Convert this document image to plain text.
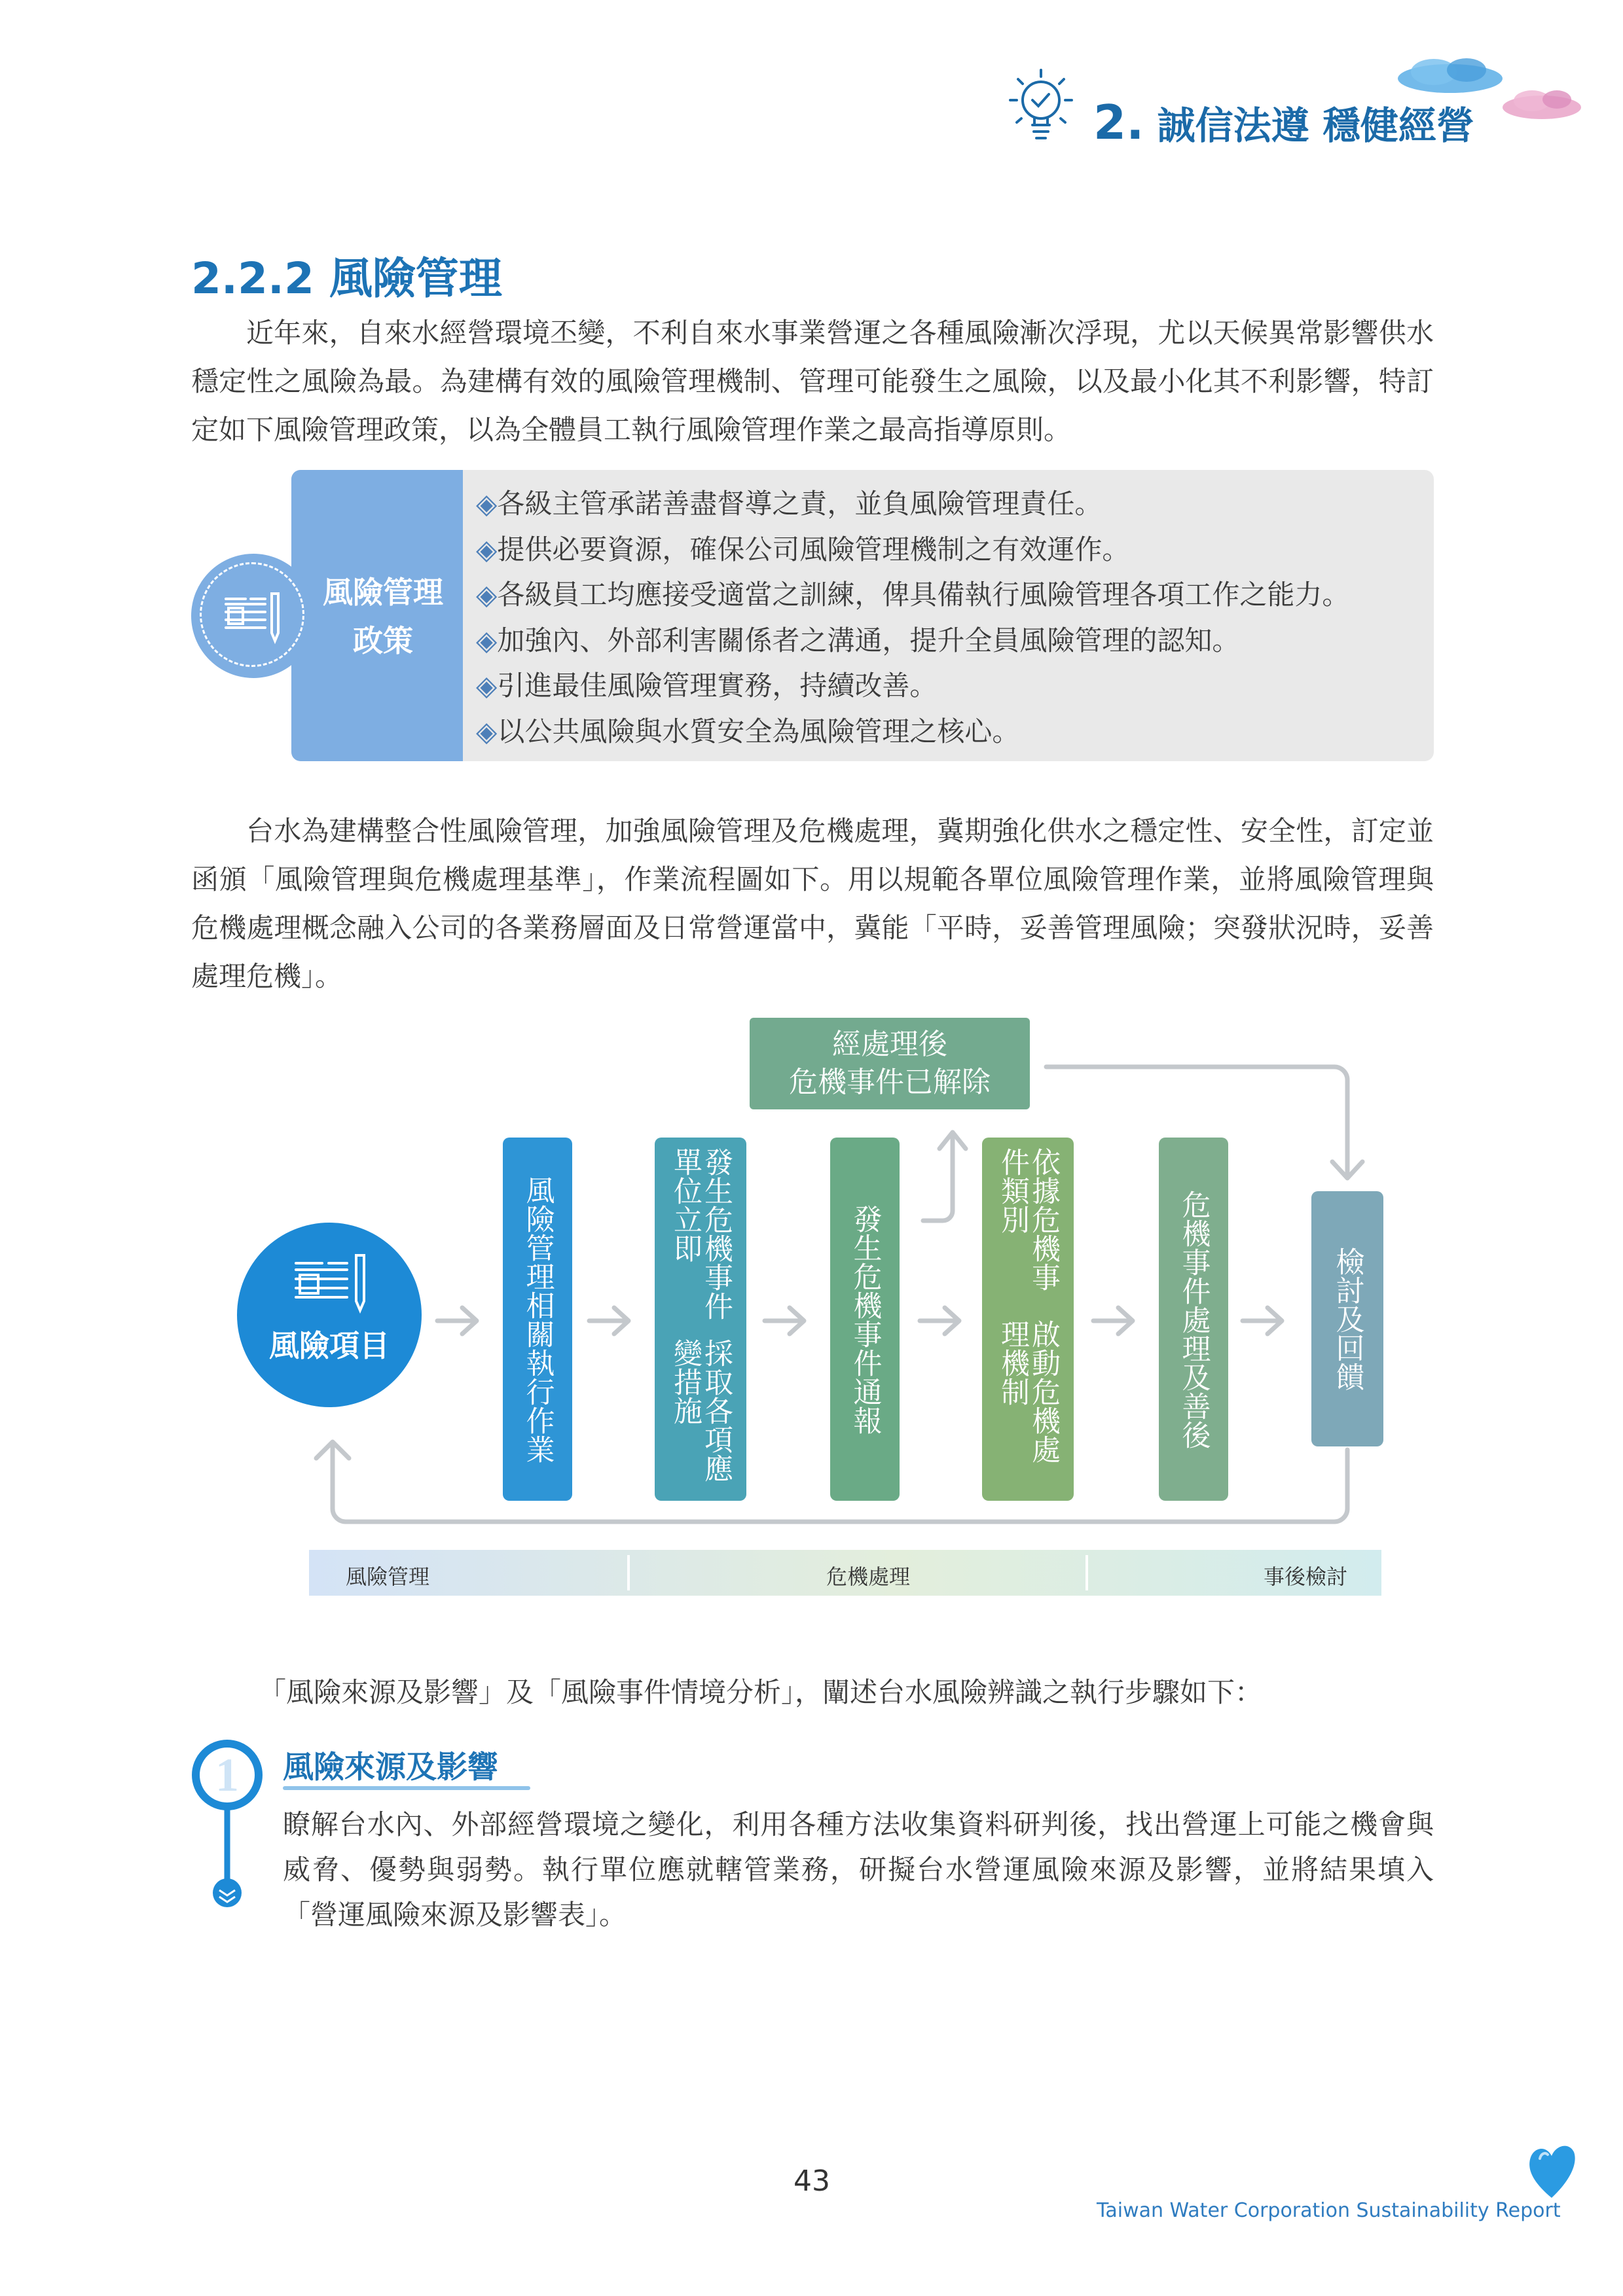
2. 誠信法遵 穩健經營
2.2.2 風險管理

近年來，自來水經營環境丕變，不利自來水事業營運之各種風險漸次浮現，尤以天候異常影響供水穩定性之風險為最。為建構有效的風險管理機制、管理可能發生之風險，以及最小化其不利影響，特訂定如下風險管理政策，以為全體員工執行風險管理作業之最高指導原則。

風險管理
政策
◈各級主管承諾善盡督導之責，並負風險管理責任。
◈提供必要資源，確保公司風險管理機制之有效運作。
◈各級員工均應接受適當之訓練，俾具備執行風險管理各項工作之能力。
◈加強內、外部利害關係者之溝通，提升全員風險管理的認知。
◈引進最佳風險管理實務，持續改善。
◈以公共風險與水質安全為風險管理之核心。

台水為建構整合性風險管理，加強風險管理及危機處理，冀期強化供水之穩定性、安全性，訂定並函頒「風險管理與危機處理基準」，作業流程圖如下。用以規範各單位風險管理作業，並將風險管理與危機處理概念融入公司的各業務層面及日常營運當中，冀能「平時，妥善管理風險；突發狀況時，妥善處理危機」。

經處理後
危機事件已解除
風險項目	風險管理相關執行作業	發生危機事件單位立即
採取各項應變措施	發生危機事件通報	依據危機事件類別
啟動危機處理機制	危機事件處理及善後	檢討及回饋
風險管理	危機處理	事後檢討
「風險來源及影響」及「風險事件情境分析」，闡述台水風險辨識之執行步驟如下：
1 風險來源及影響

瞭解台水內、外部經營環境之變化，利用各種方法收集資料研判後，找出營運上可能之機會與威脅、優勢與弱勢。執行單位應就轄管業務，研擬台水營運風險來源及影響，並將結果填入「營運風險來源及影響表」。

43
Taiwan Water Corporation Sustainability Report
